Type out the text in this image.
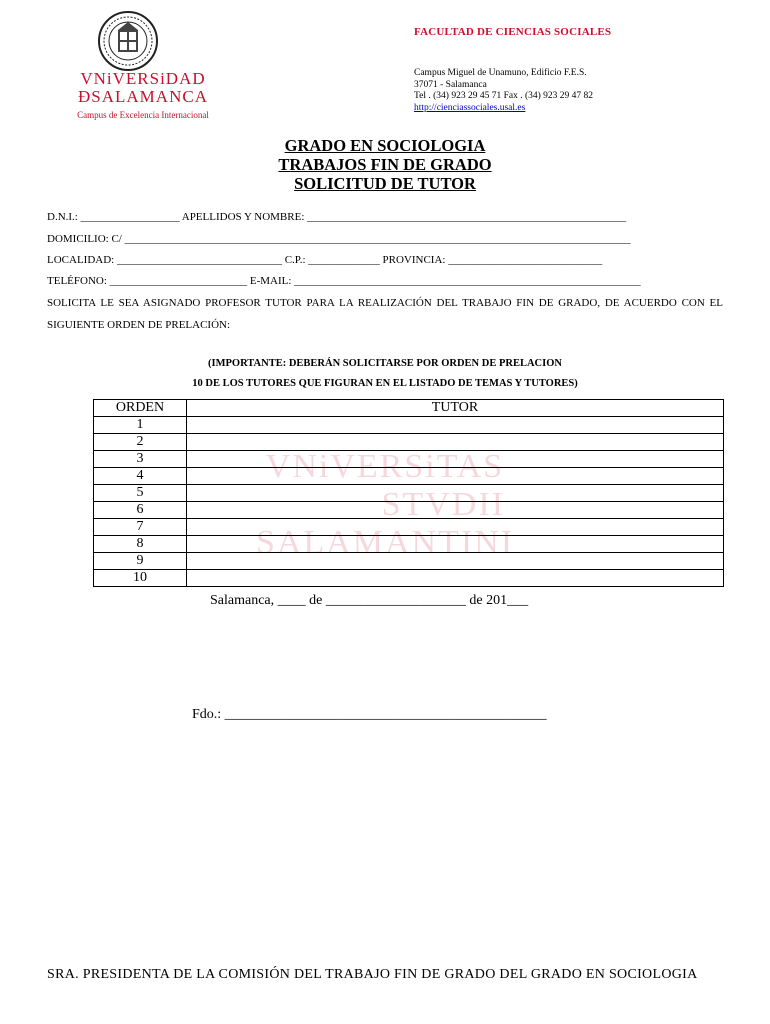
VNiVERSiDAD
ÐSALAMANCA
Campus de Excelencia Internacional
FACULTAD DE CIENCIAS SOCIALES
Campus Miguel de Unamuno, Edificio F.E.S.
37071 - Salamanca
Tel . (34) 923 29 45 71 Fax . (34) 923 29 47 82
http://cienciassociales.usal.es
GRADO EN SOCIOLOGIA
TRABAJOS FIN DE GRADO
SOLICITUD DE TUTOR
D.N.I.: __________________ APELLIDOS Y NOMBRE: __________________________________________________________
DOMICILIO: C/ ____________________________________________________________________________________________
LOCALIDAD: ______________________________ C.P.: _____________ PROVINCIA: ____________________________
TELÉFONO: _________________________ E-MAIL: _______________________________________________________________
SOLICITA LE SEA ASIGNADO PROFESOR TUTOR PARA LA REALIZACIÓN DEL TRABAJO FIN DE GRADO, DE ACUERDO CON EL SIGUIENTE ORDEN DE PRELACIÓN:
(IMPORTANTE: DEBERÁN SOLICITARSE POR ORDEN DE PRELACION
10 DE LOS TUTORES QUE FIGURAN EN EL LISTADO DE TEMAS Y TUTORES)
VNiVERSiTAS
STVDII
SALAMANTINI
ORDEN	TUTOR
1	
2	
3	
4	
5	
6	
7	
8	
9	
10	
Salamanca, ____ de ____________________ de 201___
Fdo.: ______________________________________________
SRA. PRESIDENTA DE LA COMISIÓN DEL TRABAJO FIN DE GRADO DEL GRADO EN SOCIOLOGIA
